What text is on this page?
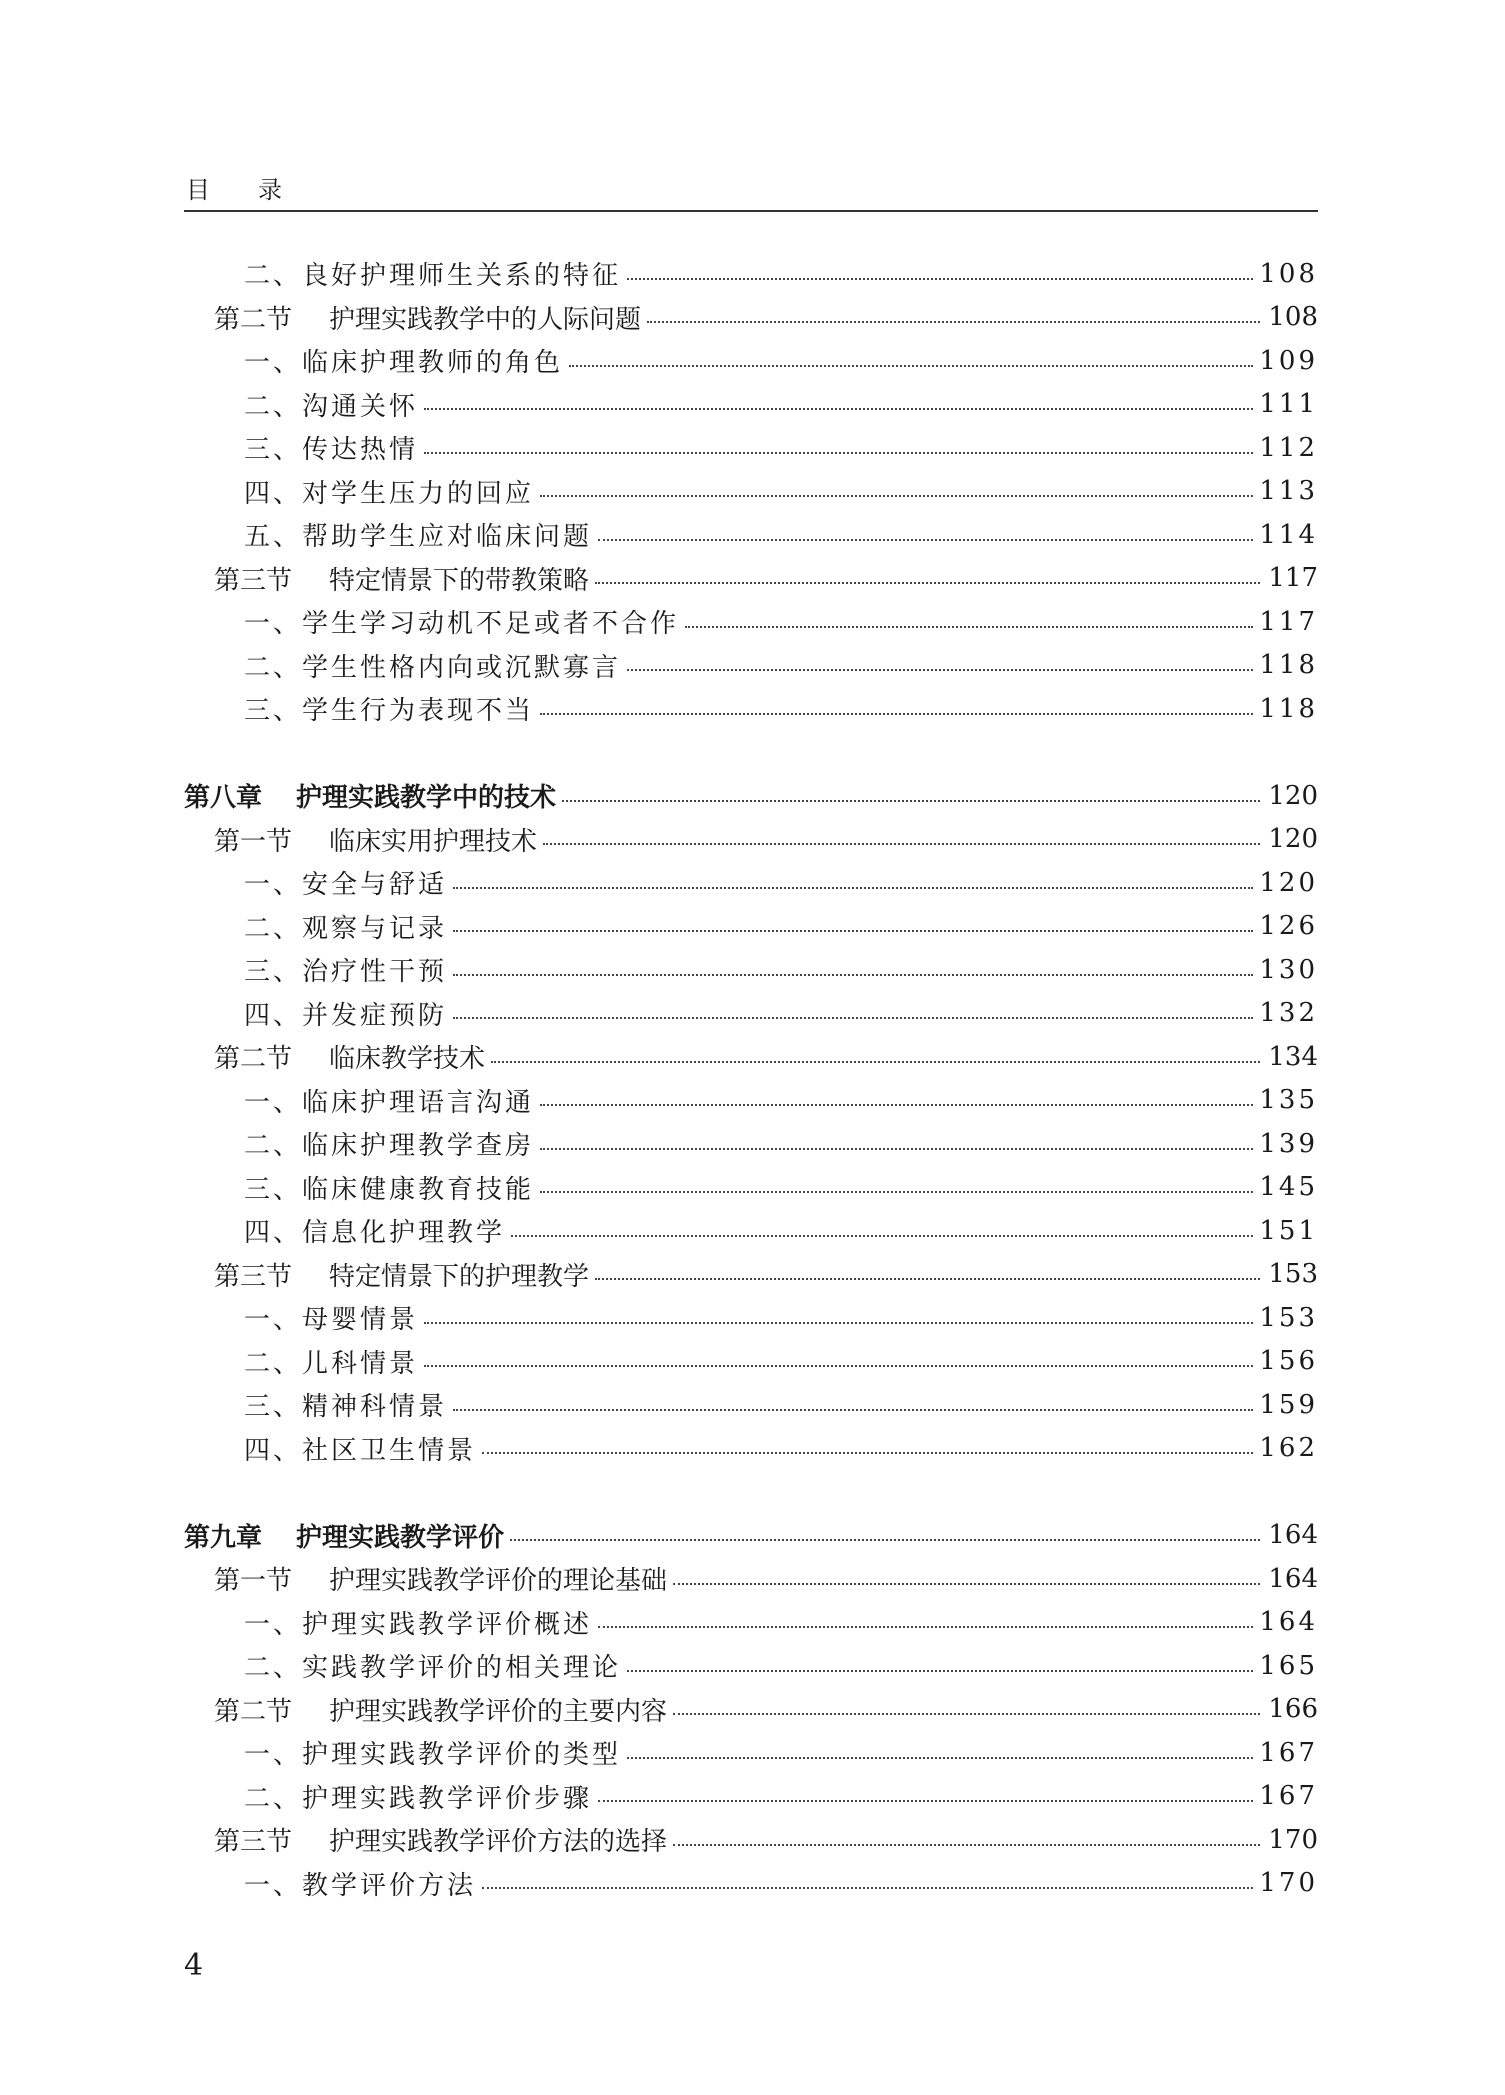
目 录
二、良好护理师生关系的特征	108
第二节 护理实践教学中的人际问题	108
一、临床护理教师的角色	109
二、沟通关怀	111
三、传达热情	112
四、对学生压力的回应	113
五、帮助学生应对临床问题	114
第三节 特定情景下的带教策略	117
一、学生学习动机不足或者不合作	117
二、学生性格内向或沉默寡言	118
三、学生行为表现不当	118
第八章 护理实践教学中的技术	120
第一节 临床实用护理技术	120
一、安全与舒适	120
二、观察与记录	126
三、治疗性干预	130
四、并发症预防	132
第二节 临床教学技术	134
一、临床护理语言沟通	135
二、临床护理教学查房	139
三、临床健康教育技能	145
四、信息化护理教学	151
第三节 特定情景下的护理教学	153
一、母婴情景	153
二、儿科情景	156
三、精神科情景	159
四、社区卫生情景	162
第九章 护理实践教学评价	164
第一节 护理实践教学评价的理论基础	164
一、护理实践教学评价概述	164
二、实践教学评价的相关理论	165
第二节 护理实践教学评价的主要内容	166
一、护理实践教学评价的类型	167
二、护理实践教学评价步骤	167
第三节 护理实践教学评价方法的选择	170
一、教学评价方法	170
4
